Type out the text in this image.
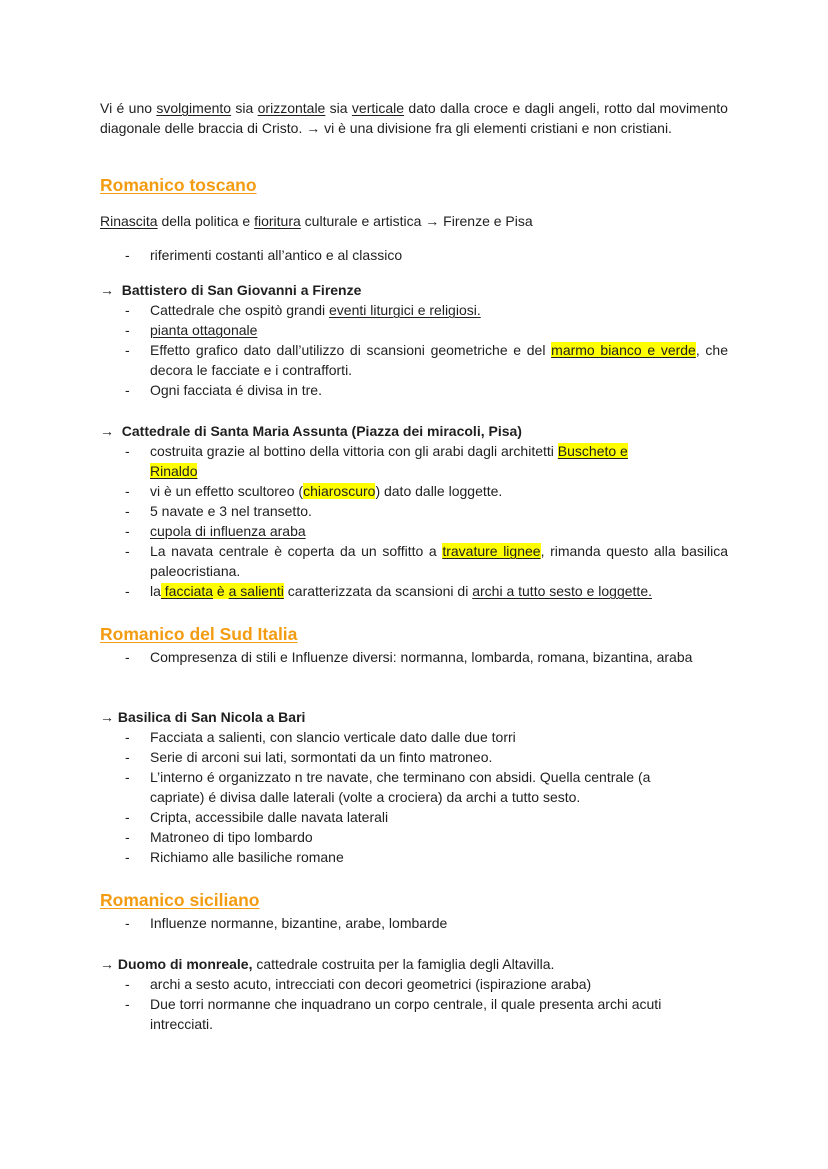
Vi é uno svolgimento sia orizzontale sia verticale dato dalla croce e dagli angeli, rotto dal movimento diagonale delle braccia di Cristo. → vi è una divisione fra gli elementi cristiani e non cristiani.

Romanico toscano

Rinascita della politica e fioritura culturale e artistica → Firenze e Pisa

- riferimenti costanti all’antico e al classico

→ Battistero di San Giovanni a Firenze

- Cattedrale che ospitò grandi eventi liturgici e religiosi.
- pianta ottagonale
- Effetto grafico dato dall’utilizzo di scansioni geometriche e del marmo bianco e verde, che decora le facciate e i contrafforti.
- Ogni facciata é divisa in tre.

→ Cattedrale di Santa Maria Assunta (Piazza dei miracoli, Pisa)

- costruita grazie al bottino della vittoria con gli arabi dagli architetti Buscheto e Rinaldo
- vi è un effetto scultoreo (chiaroscuro) dato dalle loggette.
- 5 navate e 3 nel transetto.
- cupola di influenza araba
- La navata centrale è coperta da un soffitto a travature lignee, rimanda questo alla basilica paleocristiana.
- la facciata è a salienti caratterizzata da scansioni di archi a tutto sesto e loggette.
Romanico del Sud Italia
- Compresenza di stili e Influenze diversi: normanna, lombarda, romana, bizantina, araba

→ Basilica di San Nicola a Bari

- Facciata a salienti, con slancio verticale dato dalle due torri
- Serie di arconi sui lati, sormontati da un finto matroneo.
- L’interno é organizzato n tre navate, che terminano con absidi. Quella centrale (a capriate) é divisa dalle laterali (volte a crociera) da archi a tutto sesto.
- Cripta, accessibile dalle navata laterali
- Matroneo di tipo lombardo
- Richiamo alle basiliche romane
Romanico siciliano
- Influenze normanne, bizantine, arabe, lombarde

→ Duomo di monreale, cattedrale costruita per la famiglia degli Altavilla.

- archi a sesto acuto, intrecciati con decori geometrici (ispirazione araba)
- Due torri normanne che inquadrano un corpo centrale, il quale presenta archi acuti intrecciati.
